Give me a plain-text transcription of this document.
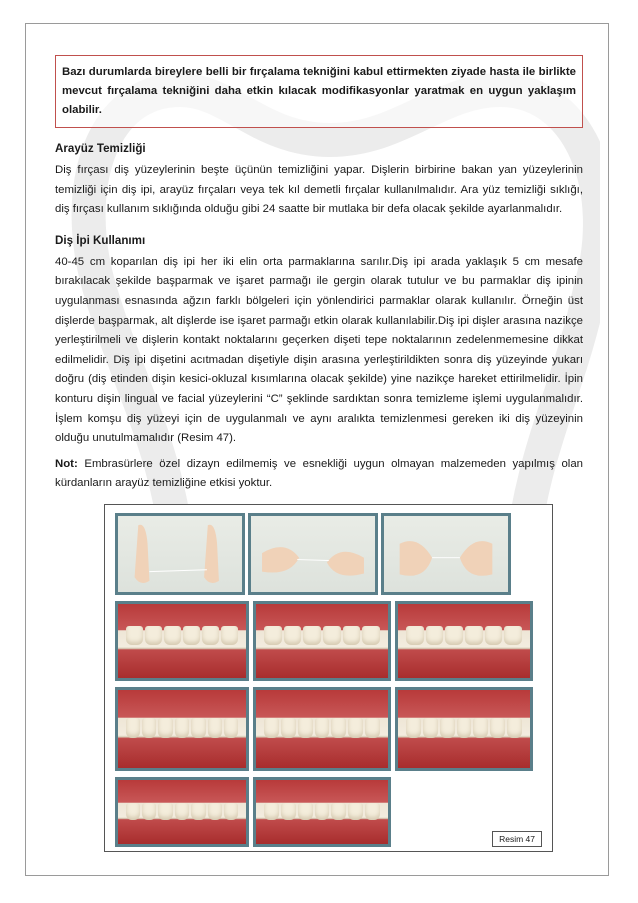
Bazı durumlarda bireylere belli bir fırçalama tekniğini kabul ettirmekten ziyade hasta ile birlikte mevcut fırçalama tekniğini daha etkin kılacak modifikasyonlar yaratmak en uygun yaklaşım olabilir.
Arayüz Temizliği

Diş fırçası diş yüzeylerinin beşte üçünün temizliğini yapar. Dişlerin birbirine bakan yan yüzeylerinin temizliği için diş ipi, arayüz fırçaları veya tek kıl demetli fırçalar kullanılmalıdır. Ara yüz temizliği sıklığı, diş fırçası kullanım sıklığında olduğu gibi 24 saatte bir mutlaka bir defa olacak şekilde ayarlanmalıdır.

Diş İpi Kullanımı

40-45 cm koparılan diş ipi her iki elin orta parmaklarına sarılır.Diş ipi arada yaklaşık 5 cm mesafe bırakılacak şekilde başparmak ve işaret parmağı ile gergin olarak tutulur ve bu parmaklar diş ipinin uygulanması esnasında ağzın farklı bölgeleri için yönlendirici parmaklar olarak kullanılır. Örneğin üst dişlerde başparmak, alt dişlerde ise işaret parmağı etkin olarak kullanılabilir.Diş ipi dişler arasına nazikçe yerleştirilmeli ve dişlerin kontakt noktalarını geçerken dişeti tepe noktalarının zedelenmemesine dikkat edilmelidir. Diş ipi dişetini acıtmadan dişetiyle dişin arasına yerleştirildikten sonra diş yüzeyinde yukarı doğru (diş etinden dişin kesici-okluzal kısımlarına olacak şekilde) yine nazikçe hareket ettirilmelidir. İpin konturu dişin lingual ve facial yüzeylerini “C” şeklinde sardıktan sonra temizleme işlemi uygulanmalıdır. İşlem komşu diş yüzeyi için de uygulanmalı ve aynı aralıkta temizlenmesi gereken iki diş yüzeyinin olduğu unutulmamalıdır (Resim 47).

Not: Embrasürlere özel dizayn edilmemiş ve esnekliği uygun olmayan malzemeden yapılmış olan kürdanların arayüz temizliğine etkisi yoktur.

Resim 47
